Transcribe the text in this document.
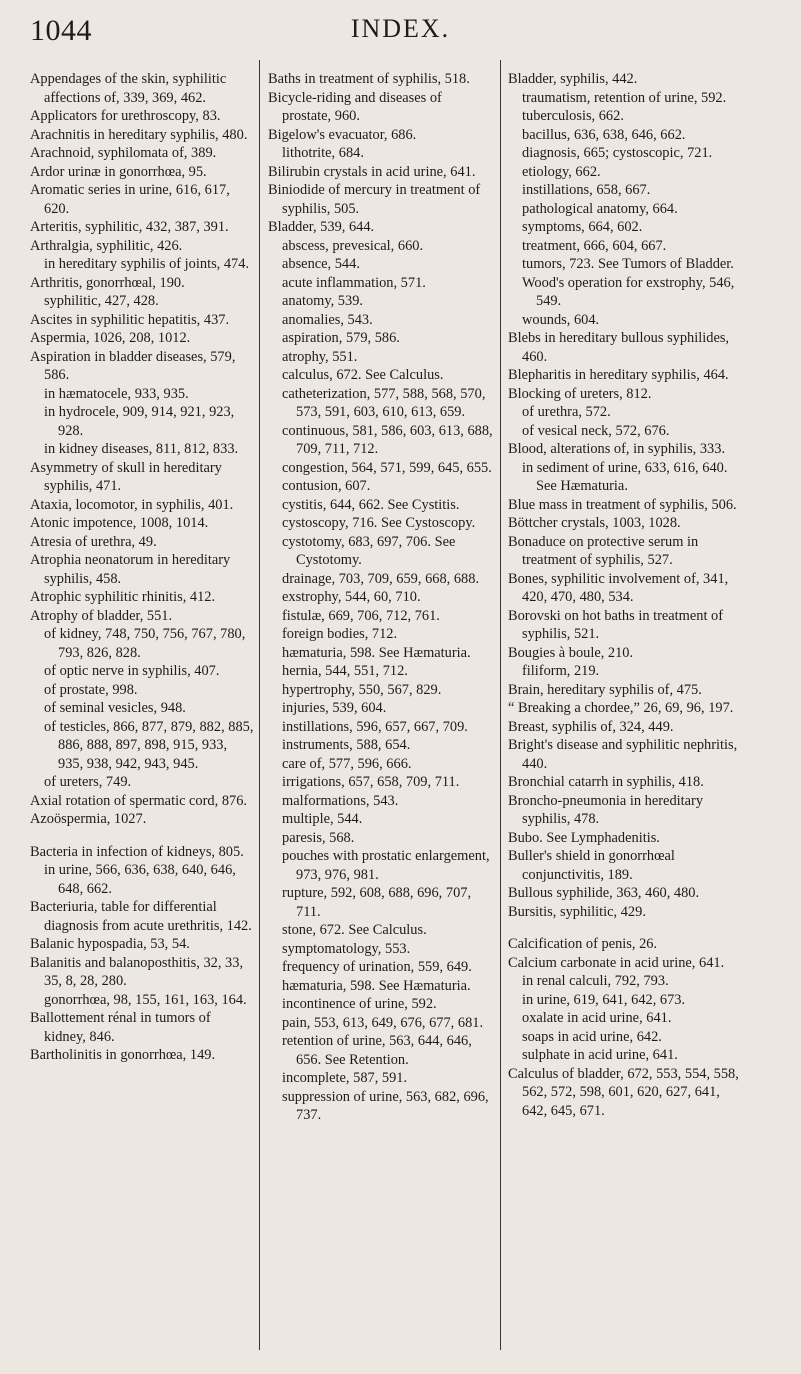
1044	INDEX.
Appendages of the skin, syphilitic affections of, 339, 369, 462.
Applicators for urethroscopy, 83.
Arachnitis in hereditary syphilis, 480.
Arachnoid, syphilomata of, 389.
Ardor urinæ in gonorrhœa, 95.
Aromatic series in urine, 616, 617, 620.
Arteritis, syphilitic, 432, 387, 391.
Arthralgia, syphilitic, 426.
in hereditary syphilis of joints, 474.
Arthritis, gonorrhœal, 190.
syphilitic, 427, 428.
Ascites in syphilitic hepatitis, 437.
Aspermia, 1026, 208, 1012.
Aspiration in bladder diseases, 579, 586.
in hæmatocele, 933, 935.
in hydrocele, 909, 914, 921, 923, 928.
in kidney diseases, 811, 812, 833.
Asymmetry of skull in hereditary syphilis, 471.
Ataxia, locomotor, in syphilis, 401.
Atonic impotence, 1008, 1014.
Atresia of urethra, 49.
Atrophia neonatorum in hereditary syphilis, 458.
Atrophic syphilitic rhinitis, 412.
Atrophy of bladder, 551.
of kidney, 748, 750, 756, 767, 780, 793, 826, 828.
of optic nerve in syphilis, 407.
of prostate, 998.
of seminal vesicles, 948.
of testicles, 866, 877, 879, 882, 885, 886, 888, 897, 898, 915, 933, 935, 938, 942, 943, 945.
of ureters, 749.
Axial rotation of spermatic cord, 876.
Azoöspermia, 1027.
Bacteria in infection of kidneys, 805.
in urine, 566, 636, 638, 640, 646, 648, 662.
Bacteriuria, table for differential diagnosis from acute urethritis, 142.
Balanic hypospadia, 53, 54.
Balanitis and balanoposthitis, 32, 33, 35, 8, 28, 280.
gonorrhœa, 98, 155, 161, 163, 164.
Ballottement rénal in tumors of kidney, 846.
Bartholinitis in gonorrhœa, 149.
Baths in treatment of syphilis, 518.
Bicycle-riding and diseases of prostate, 960.
Bigelow's evacuator, 686.
lithotrite, 684.
Bilirubin crystals in acid urine, 641.
Biniodide of mercury in treatment of syphilis, 505.
Bladder, 539, 644.
abscess, prevesical, 660.
absence, 544.
acute inflammation, 571.
anatomy, 539.
anomalies, 543.
aspiration, 579, 586.
atrophy, 551.
calculus, 672. See Calculus.
catheterization, 577, 588, 568, 570, 573, 591, 603, 610, 613, 659.
continuous, 581, 586, 603, 613, 688, 709, 711, 712.
congestion, 564, 571, 599, 645, 655.
contusion, 607.
cystitis, 644, 662. See Cystitis.
cystoscopy, 716. See Cystoscopy.
cystotomy, 683, 697, 706. See Cystotomy.
drainage, 703, 709, 659, 668, 688.
exstrophy, 544, 60, 710.
fistulæ, 669, 706, 712, 761.
foreign bodies, 712.
hæmaturia, 598. See Hæmaturia.
hernia, 544, 551, 712.
hypertrophy, 550, 567, 829.
injuries, 539, 604.
instillations, 596, 657, 667, 709.
instruments, 588, 654.
care of, 577, 596, 666.
irrigations, 657, 658, 709, 711.
malformations, 543.
multiple, 544.
paresis, 568.
pouches with prostatic enlargement, 973, 976, 981.
rupture, 592, 608, 688, 696, 707, 711.
stone, 672. See Calculus.
symptomatology, 553.
frequency of urination, 559, 649.
hæmaturia, 598. See Hæmaturia.
incontinence of urine, 592.
pain, 553, 613, 649, 676, 677, 681.
retention of urine, 563, 644, 646, 656. See Retention.
incomplete, 587, 591.
suppression of urine, 563, 682, 696, 737.
Bladder, syphilis, 442.
traumatism, retention of urine, 592.
tuberculosis, 662.
bacillus, 636, 638, 646, 662.
diagnosis, 665; cystoscopic, 721.
etiology, 662.
instillations, 658, 667.
pathological anatomy, 664.
symptoms, 664, 602.
treatment, 666, 604, 667.
tumors, 723. See Tumors of Bladder.
Wood's operation for exstrophy, 546, 549.
wounds, 604.
Blebs in hereditary bullous syphilides, 460.
Blepharitis in hereditary syphilis, 464.
Blocking of ureters, 812.
of urethra, 572.
of vesical neck, 572, 676.
Blood, alterations of, in syphilis, 333.
in sediment of urine, 633, 616, 640. See Hæmaturia.
Blue mass in treatment of syphilis, 506.
Böttcher crystals, 1003, 1028.
Bonaduce on protective serum in treatment of syphilis, 527.
Bones, syphilitic involvement of, 341, 420, 470, 480, 534.
Borovski on hot baths in treatment of syphilis, 521.
Bougies à boule, 210.
filiform, 219.
Brain, hereditary syphilis of, 475.
“ Breaking a chordee,” 26, 69, 96, 197.
Breast, syphilis of, 324, 449.
Bright's disease and syphilitic nephritis, 440.
Bronchial catarrh in syphilis, 418.
Broncho-pneumonia in hereditary syphilis, 478.
Bubo. See Lymphadenitis.
Buller's shield in gonorrhœal conjunctivitis, 189.
Bullous syphilide, 363, 460, 480.
Bursitis, syphilitic, 429.
Calcification of penis, 26.
Calcium carbonate in acid urine, 641.
in renal calculi, 792, 793.
in urine, 619, 641, 642, 673.
oxalate in acid urine, 641.
soaps in acid urine, 642.
sulphate in acid urine, 641.
Calculus of bladder, 672, 553, 554, 558, 562, 572, 598, 601, 620, 627, 641, 642, 645, 671.
